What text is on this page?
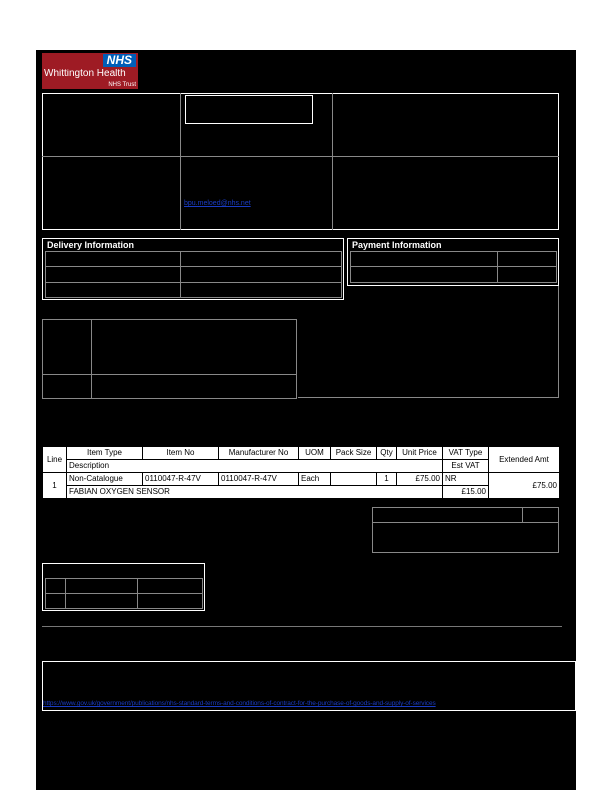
NHS
Whittington Health
NHS Trust
bpu.meloed@nhs.net
Delivery Information	Payment Information
Line	Item Type	Item No	Manufacturer No	UOM	Pack Size	Qty	Unit Price	VAT Type	Extended Amt
	Description							Est VAT	
1	Non-Catalogue	0110047-R-47V	0110047-R-47V	Each		1	£75.00	NR	£75.00
	FABIAN OXYGEN SENSOR							£15.00	
https://www.gov.uk/government/publications/nhs-standard-terms-and-conditions-of-contract-for-the-purchase-of-goods-and-supply-of-services
